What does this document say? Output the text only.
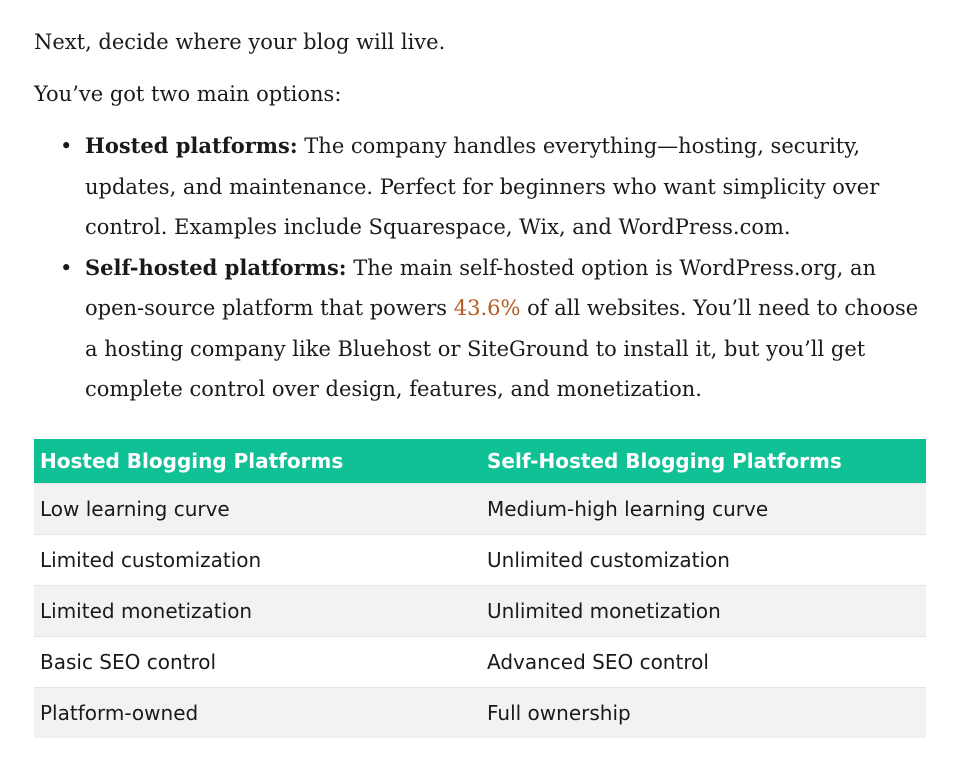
Next, decide where your blog will live.

You’ve got two main options:

• Hosted platforms: The company handles everything—hosting, security, updates, and maintenance. Perfect for beginners who want simplicity over control. Examples include Squarespace, Wix, and WordPress.com.
• Self-hosted platforms: The main self-hosted option is WordPress.org, an open-source platform that powers 43.6% of all websites. You’ll need to choose a hosting company like Bluehost or SiteGround to install it, but you’ll get complete control over design, features, and monetization.
Hosted Blogging Platforms	Self-Hosted Blogging Platforms
Low learning curve	Medium-high learning curve
Limited customization	Unlimited customization
Limited monetization	Unlimited monetization
Basic SEO control	Advanced SEO control
Platform-owned	Full ownership
